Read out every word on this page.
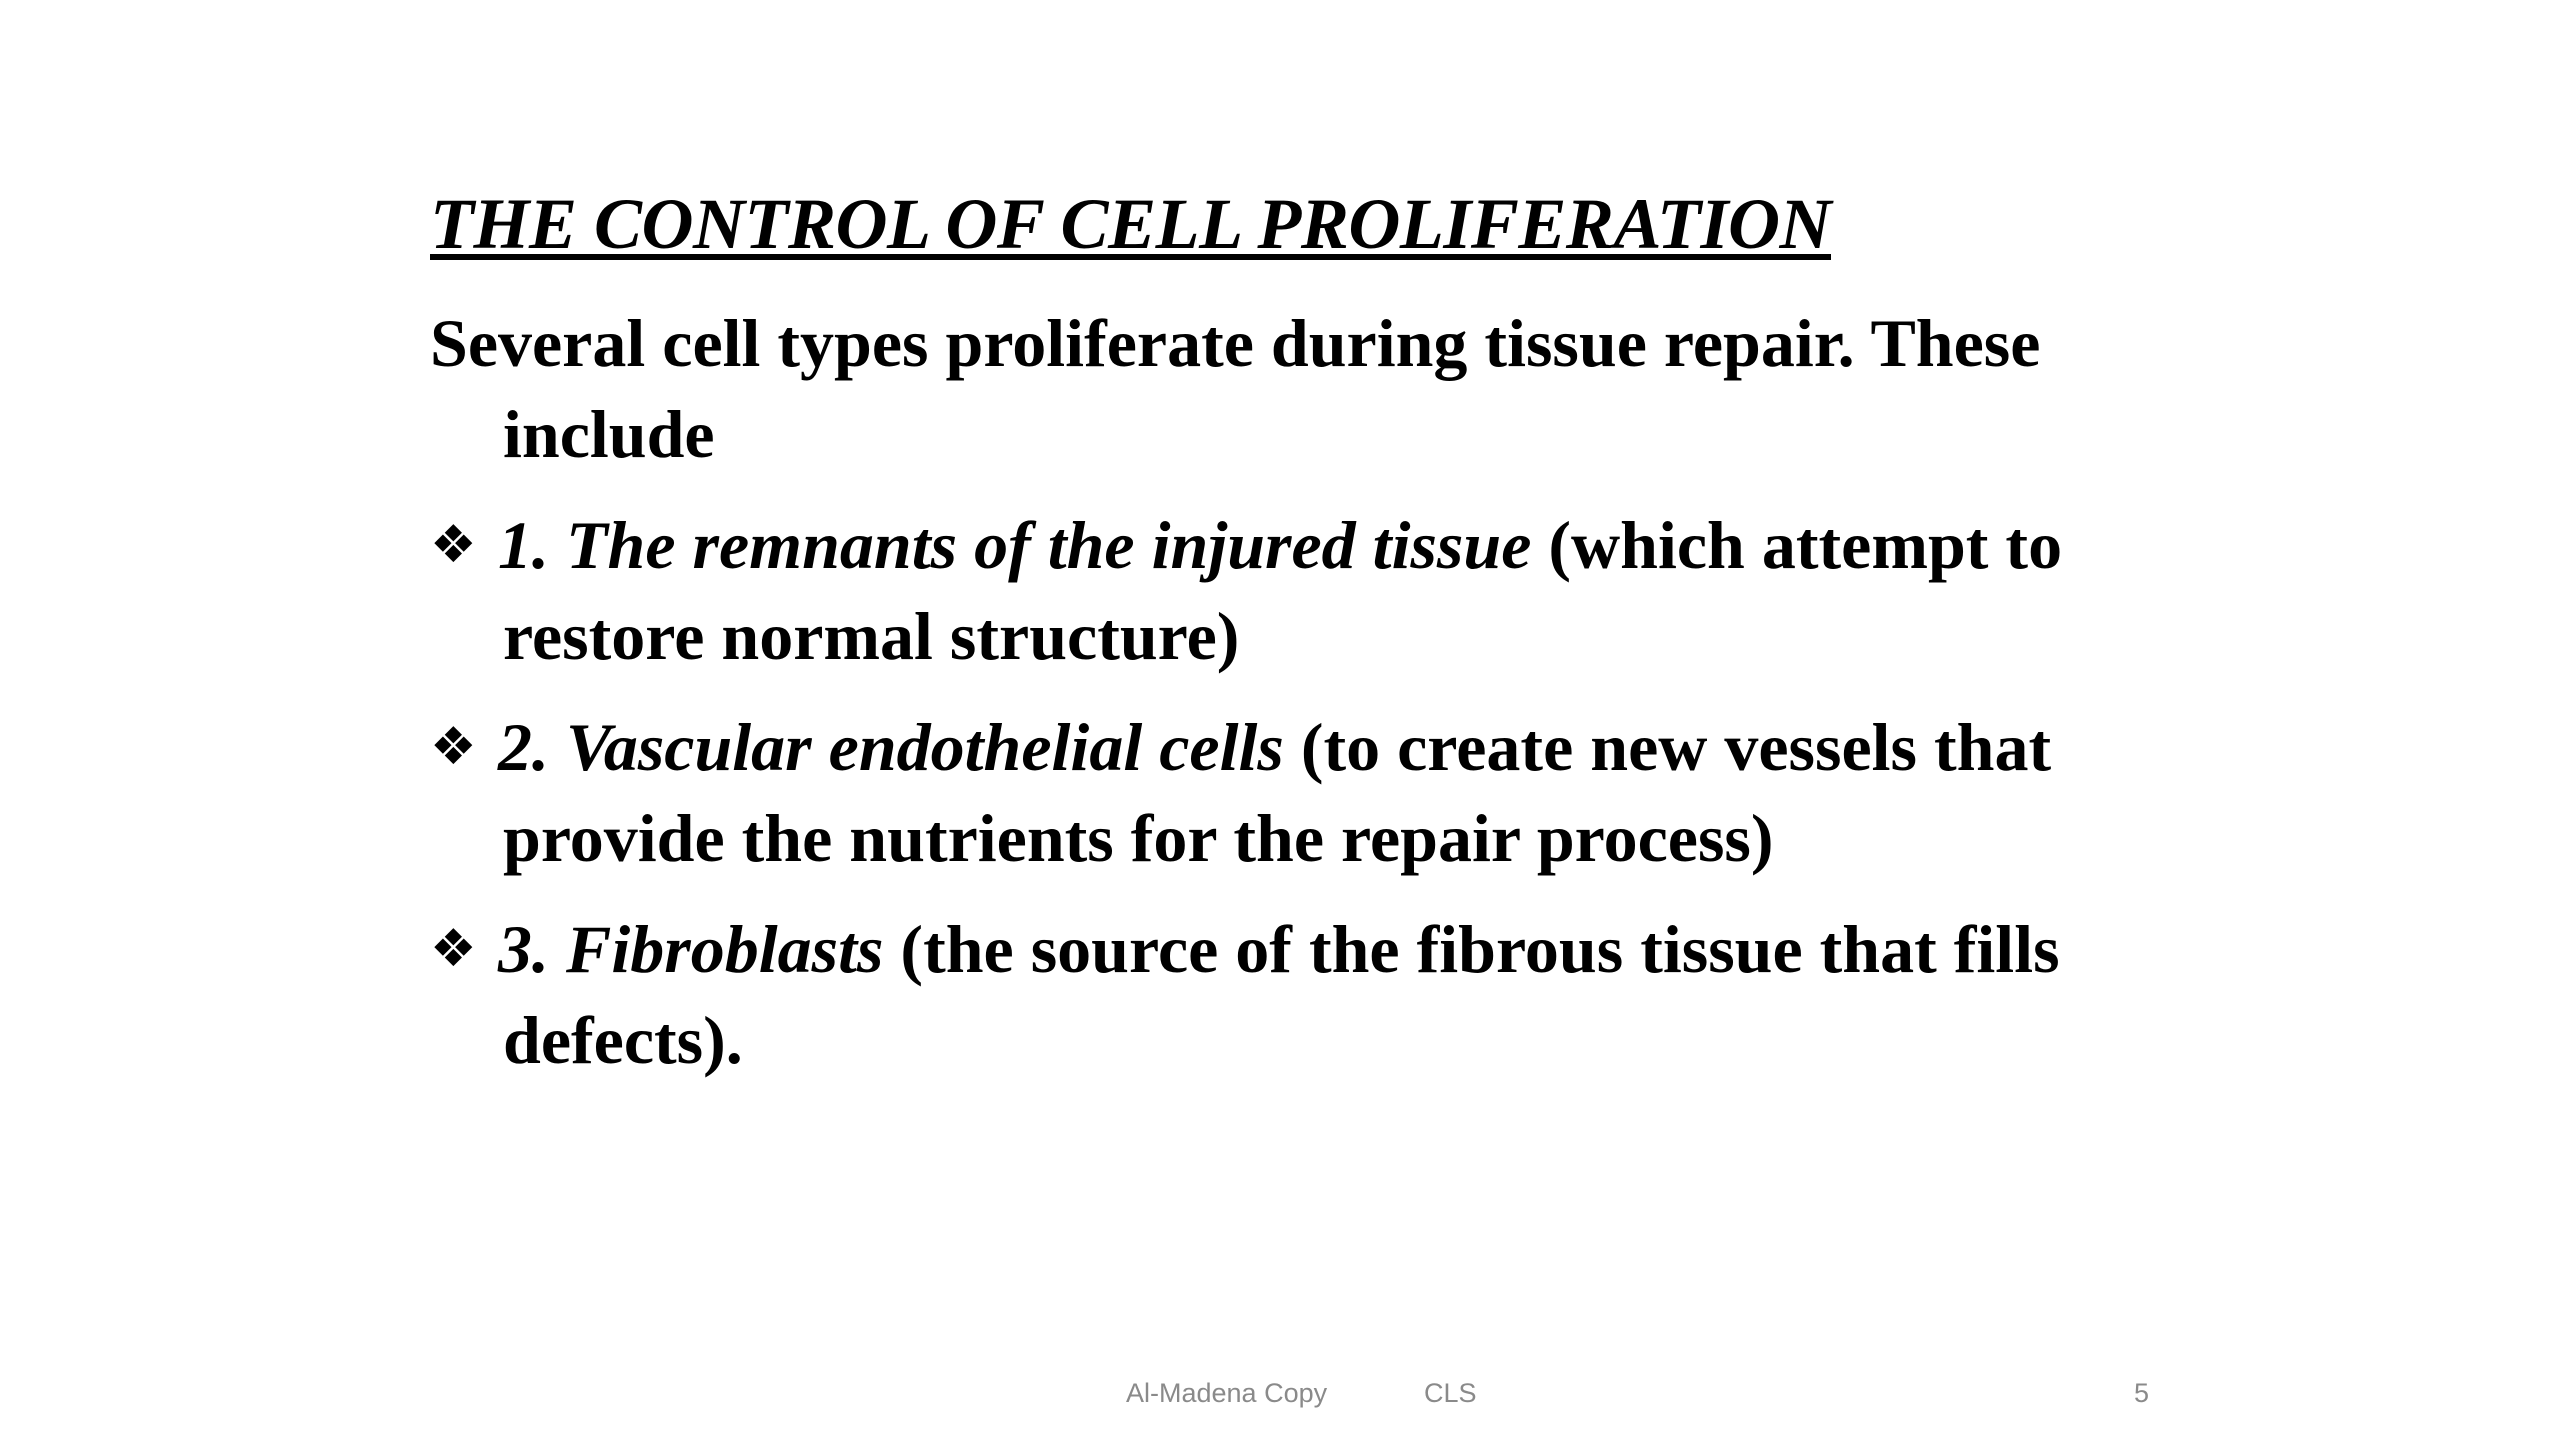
THE CONTROL OF CELL PROLIFERATION

Several cell types proliferate during tissue repair. These include

❖ 1. The remnants of the injured tissue (which attempt to restore normal structure)

❖ 2. Vascular endothelial cells (to create new vessels that provide the nutrients for the repair process)

❖ 3. Fibroblasts (the source of the fibrous tissue that fills defects).

Al-Madena Copy	CLS	5
